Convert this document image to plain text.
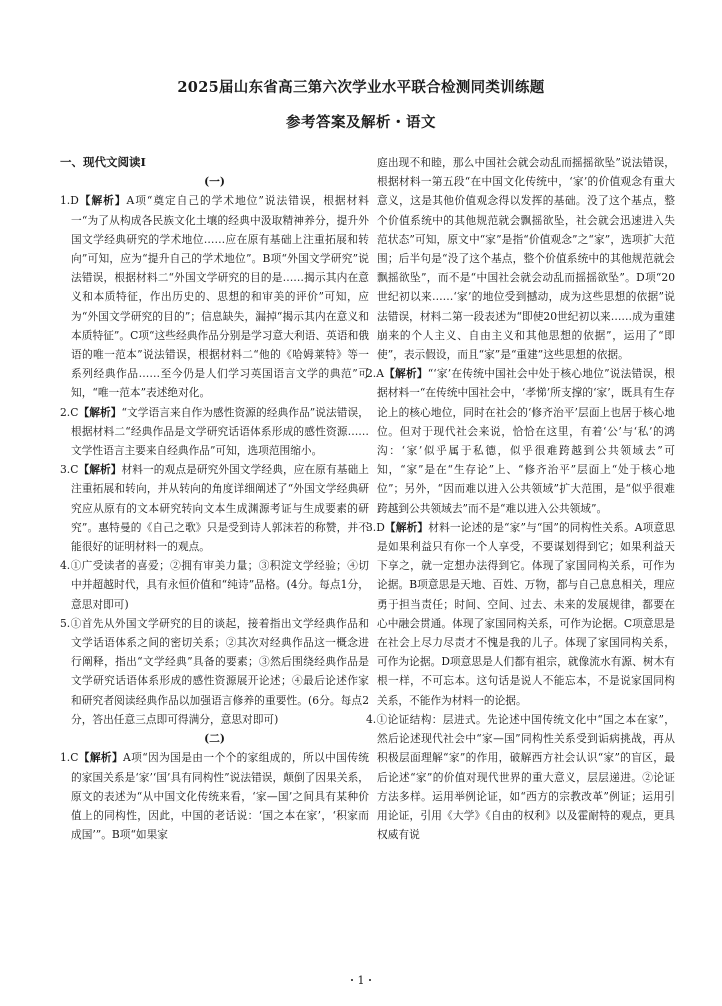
2025届山东省高三第六次学业水平联合检测同类训练题
参考答案及解析・语文

一、现代文阅读Ⅰ

(一)

1.D【解析】A项“奠定自己的学术地位”说法错误，根据材料一“为了从构成各民族文化土壤的经典中汲取精神养分，提升外国文学经典研究的学术地位……应在原有基础上注重拓展和转向”可知，应为“提升自己的学术地位”。B项“外国文学研究”说法错误，根据材料二“外国文学研究的目的是……揭示其内在意义和本质特征，作出历史的、思想的和审美的评价”可知，应为“外国文学研究的目的”；信息缺失，漏掉“揭示其内在意义和本质特征”。C项“这些经典作品分别是学习意大利语、英语和俄语的唯一范本”说法错误，根据材料二“他的《哈姆莱特》等一系列经典作品……至今仍是人们学习英国语言文学的典范”可知，“唯一范本”表述绝对化。

2.C【解析】“文学语言来自作为感性资源的经典作品”说法错误，根据材料二“经典作品是文学研究话语体系形成的感性资源……文学性语言主要来自经典作品”可知，选项范围缩小。

3.C【解析】材料一的观点是研究外国文学经典，应在原有基础上注重拓展和转向，并从转向的角度详细阐述了“外国文学经典研究应从原有的文本研究转向文本生成渊源考证与生成要素的研究”。惠特曼的《自己之歌》只是受到诗人郭沫若的称赞，并不能很好的证明材料一的观点。

4.①广受读者的喜爱；②拥有审美力量；③积淀文学经验；④切中并超越时代，具有永恒价值和“纯诗”品格。(4分。每点1分，意思对即可)

5.①首先从外国文学研究的目的谈起，接着指出文学经典作品和文学话语体系之间的密切关系；②其次对经典作品这一概念进行阐释，指出“文学经典”具备的要素；③然后围绕经典作品是文学研究话语体系形成的感性资源展开论述；④最后论述作家和研究者阅读经典作品以加强语言修养的重要性。(6分。每点2分，答出任意三点即可得满分，意思对即可)

(二)

1.C【解析】A项“因为国是由一个个的家组成的，所以中国传统的家国关系是‘家’‘国’具有同构性”说法错误，颠倒了因果关系，原文的表述为“从中国文化传统来看，‘家—国’之间具有某种价值上的同构性，因此，中国的老话说：‘国之本在家’，‘积家而成国’”。B项“如果家

庭出现不和睦，那么中国社会就会动乱而摇摇欲坠”说法错误，根据材料一第五段“在中国文化传统中，‘家’的价值观念有重大意义，这是其他价值观念得以发挥的基础。没了这个基点，整个价值系统中的其他规范就会飘摇欲坠，社会就会迅速进入失范状态”可知，原文中“家”是指“价值观念”之“家”，选项扩大范围；后半句是“没了这个基点，整个价值系统中的其他规范就会飘摇欲坠”，而不是“中国社会就会动乱而摇摇欲坠”。D项“20世纪初以来……‘家’的地位受到撼动，成为这些思想的依据”说法错误，材料二第一段表述为“即使20世纪初以来……成为重建崩来的个人主义、自由主义和其他思想的依据”，运用了“即使”，表示假设，而且“家”是“重建”这些思想的依据。

2.A【解析】“‘家’在传统中国社会中处于核心地位”说法错误，根据材料一“在传统中国社会中，‘孝悌’所支撑的‘家’，既具有生存论上的核心地位，同时在社会的‘修齐治平’层面上也居于核心地位。但对于现代社会来说，恰恰在这里，有着‘公’与‘私’的鸿沟：‘家’似乎属于私德，似乎很难跨越到公共领域去”可知，“家”是在“生存论”上、“修齐治平”层面上“处于核心地位”；另外，“因而难以进入公共领域”扩大范围，是“似乎很难跨越到公共领域去”而不是“难以进入公共领域”。

3.D【解析】材料一论述的是“家”与“国”的同构性关系。A项意思是如果利益只有你一个人享受，不要谋划得到它；如果利益天下享之，就一定想办法得到它。体现了家国同构关系，可作为论据。B项意思是天地、百姓、万物，都与自己息息相关，理应勇于担当责任；时间、空间、过去、未来的发展规律，都要在心中融会贯通。体现了家国同构关系，可作为论据。C项意思是在社会上尽力尽责才不愧是我的儿子。体现了家国同构关系，可作为论据。D项意思是人们都有祖宗，就像流水有源、树木有根一样，不可忘本。这句话是说人不能忘本，不是说家国同构关系，不能作为材料一的论据。

4.①论证结构：层进式。先论述中国传统文化中“国之本在家”，然后论述现代社会中“家—国”同构性关系受到诟病挑战，再从积极层面理解“家”的作用，破解西方社会认识“家”的盲区，最后论述“家”的价值对现代世界的重大意义，层层递进。②论证方法多样。运用举例论证，如“西方的宗教改革”例证；运用引用论证，引用《大学》《自由的权利》以及霍耐特的观点，更具权威有说

・1・
